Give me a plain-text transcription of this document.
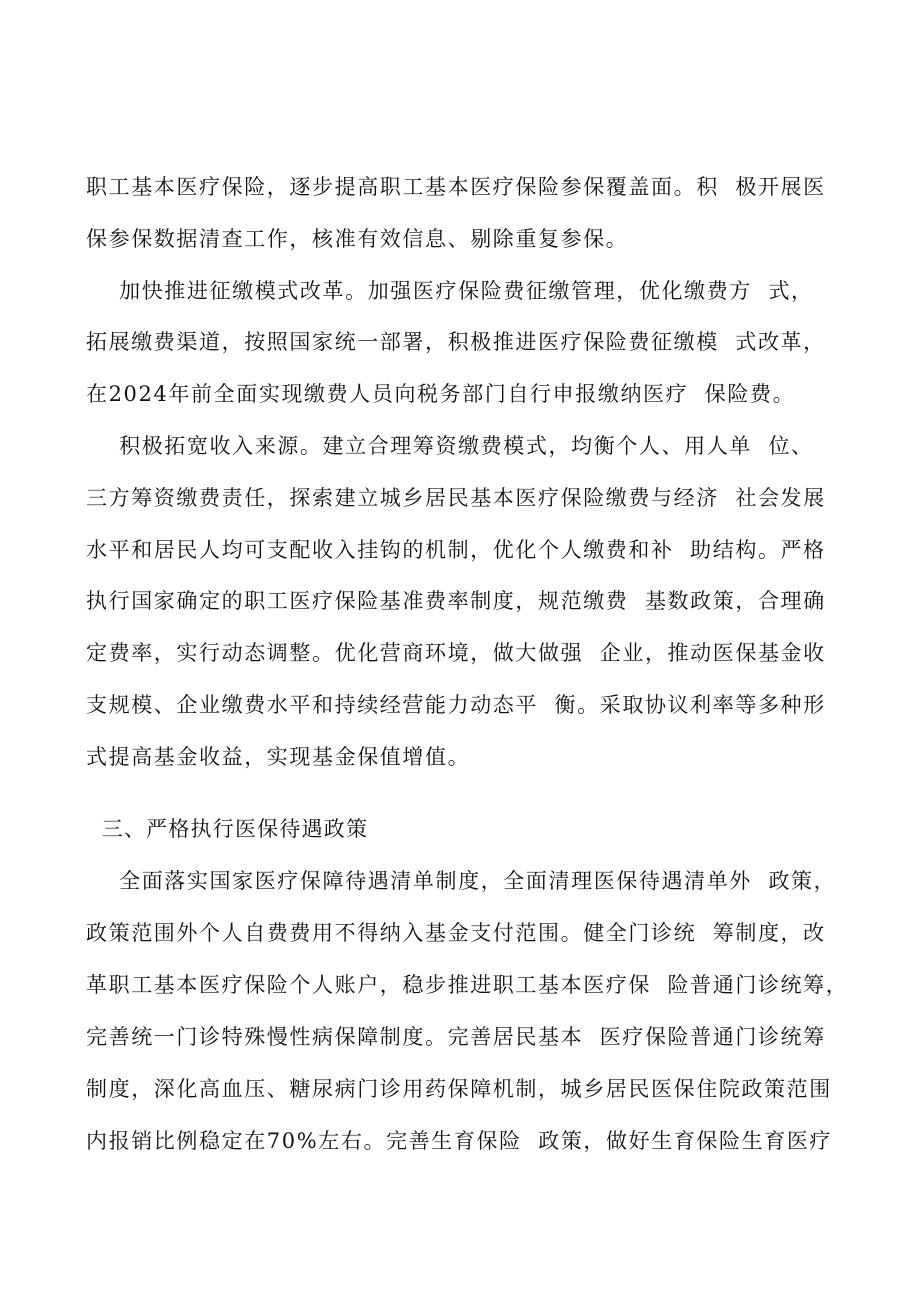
职工基本医疗保险，逐步提高职工基本医疗保险参保覆盖面。积  极开展医
保参保数据清查工作，核准有效信息、剔除重复参保。
加快推进征缴模式改革。加强医疗保险费征缴管理，优化缴费方  式，
拓展缴费渠道，按照国家统一部署，积极推进医疗保险费征缴模  式改革，
在2024年前全面实现缴费人员向税务部门自行申报缴纳医疗  保险费。
积极拓宽收入来源。建立合理筹资缴费模式，均衡个人、用人单  位、
三方筹资缴费责任，探索建立城乡居民基本医疗保险缴费与经济  社会发展
水平和居民人均可支配收入挂钩的机制，优化个人缴费和补  助结构。严格
执行国家确定的职工医疗保险基准费率制度，规范缴费  基数政策，合理确
定费率，实行动态调整。优化营商环境，做大做强  企业，推动医保基金收
支规模、企业缴费水平和持续经营能力动态平  衡。采取协议利率等多种形
式提高基金收益，实现基金保值增值。
三、严格执行医保待遇政策
全面落实国家医疗保障待遇清单制度，全面清理医保待遇清单外  政策，
政策范围外个人自费费用不得纳入基金支付范围。健全门诊统  筹制度，改
革职工基本医疗保险个人账户，稳步推进职工基本医疗保  险普通门诊统筹，
完善统一门诊特殊慢性病保障制度。完善居民基本  医疗保险普通门诊统筹
制度，深化高血压、糖尿病门诊用药保障机制，城乡居民医保住院政策范围
内报销比例稳定在70%左右。完善生育保险  政策，做好生育保险生育医疗
